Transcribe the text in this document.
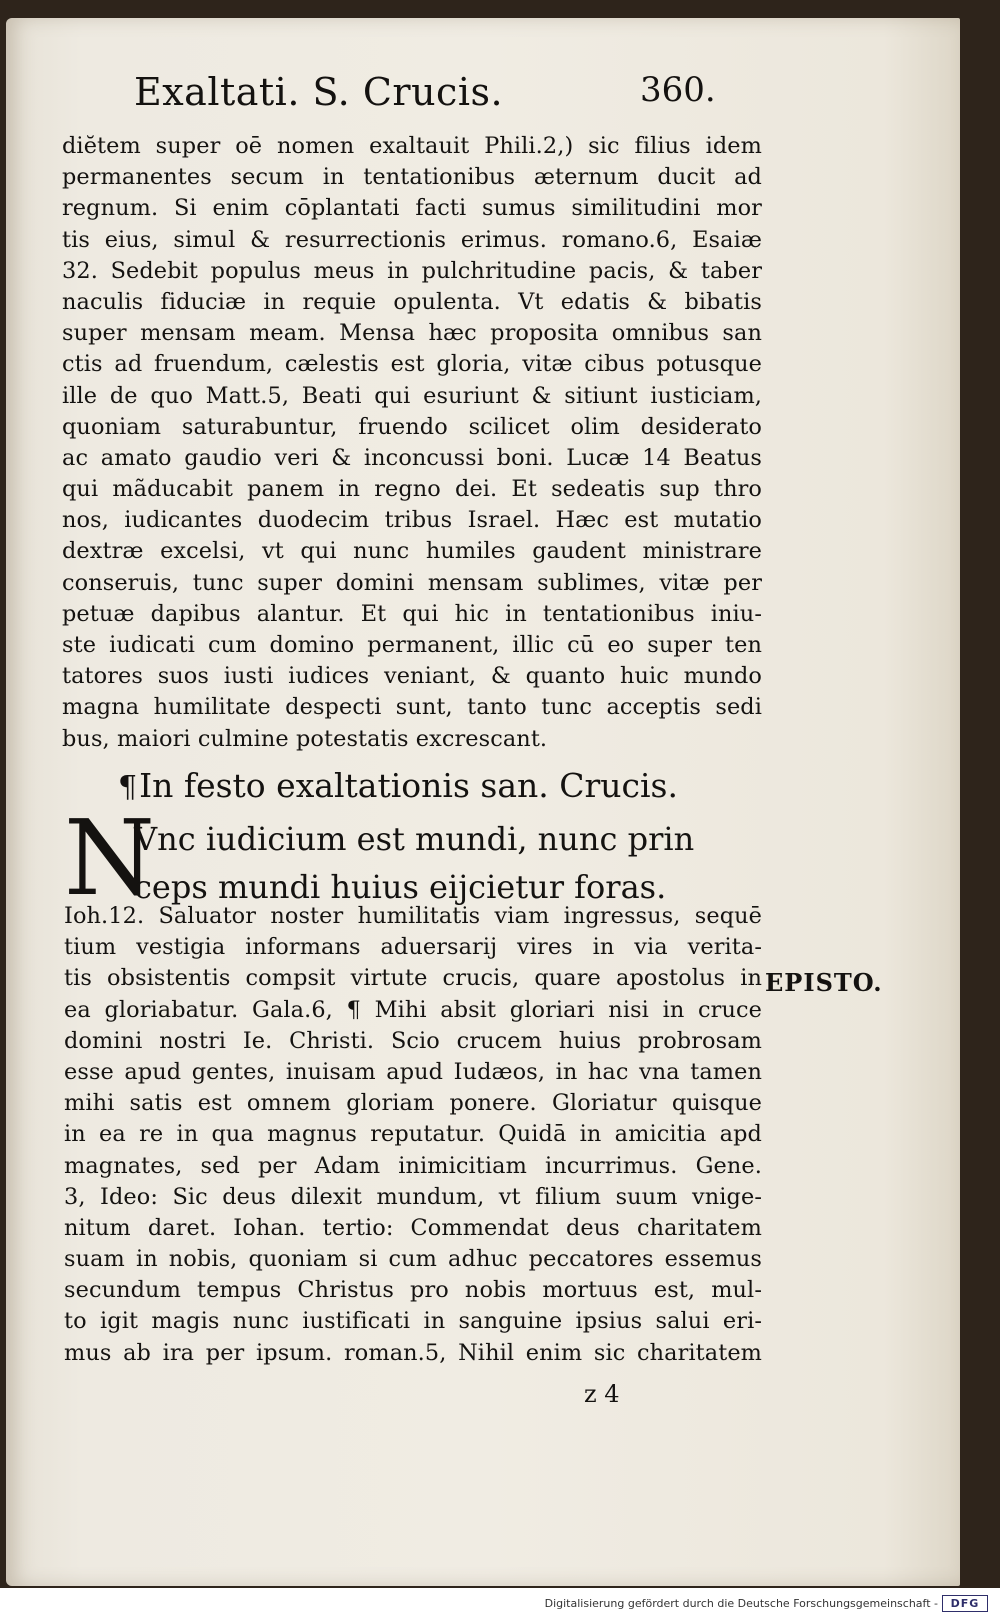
Exaltati. S. Crucis.	360.
diĕtem super oē nomen exaltauit Phili.2,) sic filius idem
permanentes secum in tentationibus æternum ducit ad
regnum. Si enim cōplantati facti sumus similitudini mor
tis eius, simul & resurrectionis erimus. romano.6, Esaiæ
32. Sedebit populus meus in pulchritudine pacis, & taber
naculis fiduciæ in requie opulenta. Vt edatis & bibatis
super mensam meam. Mensa hæc proposita omnibus san
ctis ad fruendum, cælestis est gloria, vitæ cibus potusque
ille de quo Matt.5, Beati qui esuriunt & sitiunt iusticiam,
quoniam saturabuntur, fruendo scilicet olim desiderato
ac amato gaudio veri & inconcussi boni. Lucæ 14 Beatus
qui mãducabit panem in regno dei. Et sedeatis sup thro
nos, iudicantes duodecim tribus Israel. Hæc est mutatio
dextræ excelsi, vt qui nunc humiles gaudent ministrare
conseruis, tunc super domini mensam sublimes, vitæ per
petuæ dapibus alantur. Et qui hic in tentationibus iniu-
ste iudicati cum domino permanent, illic cū eo super ten
tatores suos iusti iudices veniant, & quanto huic mundo
magna humilitate despecti sunt, tanto tunc acceptis sedi
bus, maiori culmine potestatis excrescant.
¶In festo exaltationis san. Crucis.
N
Vnc iudicium est mundi, nunc prin
ceps mundi huius eijcietur foras.
Ioh.12. Saluator noster humilitatis viam ingressus, sequē
tium vestigia informans aduersarij vires in via verita-
tis obsistentis compsit virtute crucis, quare apostolus in
ea gloriabatur. Gala.6, ¶ Mihi absit gloriari nisi in cruce
domini nostri Ie. Christi. Scio crucem huius probrosam
esse apud gentes, inuisam apud Iudæos, in hac vna tamen
mihi satis est omnem gloriam ponere. Gloriatur quisque
in ea re in qua magnus reputatur. Quidā in amicitia apd
magnates, sed per Adam inimicitiam incurrimus. Gene.
3, Ideo: Sic deus dilexit mundum, vt filium suum vnige-
nitum daret. Iohan. tertio: Commendat deus charitatem
suam in nobis, quoniam si cum adhuc peccatores essemus
secundum tempus Christus pro nobis mortuus est, mul-
to igit magis nunc iustificati in sanguine ipsius salui eri-
mus ab ira per ipsum. roman.5, Nihil enim sic charitatem
EPISTO.
z 4
Digitalisierung gefördert durch die Deutsche Forschungsgemeinschaft -	DFG
